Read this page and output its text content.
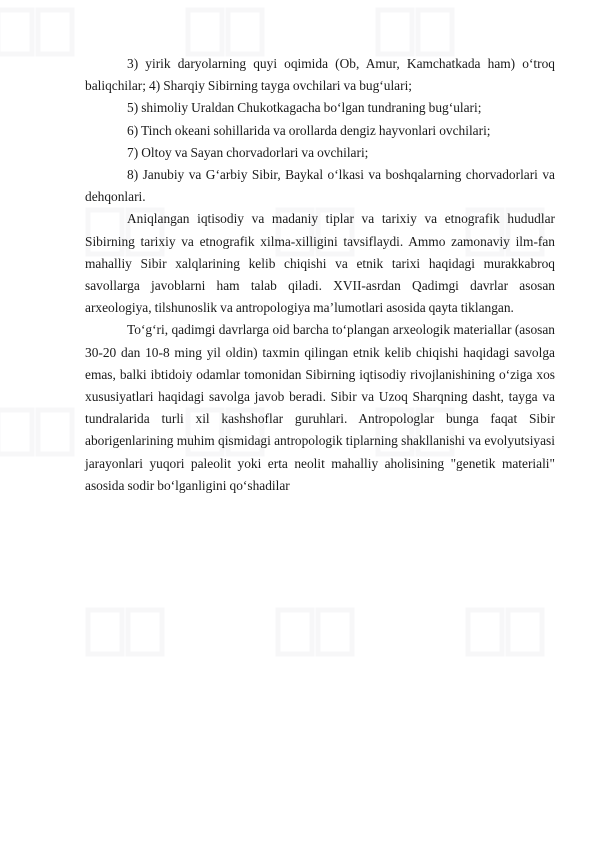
3) yirik daryolarning quyi oqimida (Ob, Amur, Kamchatkada ham) o‘troq baliqchilar; 4) Sharqiy Sibirning tayga ovchilari va bug‘ulari;

5) shimoliy Uraldan Chukotkagacha bo‘lgan tundraning bug‘ulari;

6) Tinch okeani sohillarida va orollarda dengiz hayvonlari ovchilari;

7) Oltoy va Sayan chorvadorlari va ovchilari;

8) Janubiy va G‘arbiy Sibir, Baykal o‘lkasi va boshqalarning chorvadorlari va dehqonlari.

Aniqlangan iqtisodiy va madaniy tiplar va tarixiy va etnografik hududlar Sibirning tarixiy va etnografik xilma-xilligini tavsiflaydi. Ammo zamonaviy ilm-fan mahalliy Sibir xalqlarining kelib chiqishi va etnik tarixi haqidagi murakkabroq savollarga javoblarni ham talab qiladi. XVII-asrdan Qadimgi davrlar asosan arxeologiya, tilshunoslik va antropologiya ma’lumotlari asosida qayta tiklangan.

To‘g‘ri, qadimgi davrlarga oid barcha to‘plangan arxeologik materiallar (asosan 30-20 dan 10-8 ming yil oldin) taxmin qilingan etnik kelib chiqishi haqidagi savolga emas, balki ibtidoiy odamlar tomonidan Sibirning iqtisodiy rivojlanishining o‘ziga xos xususiyatlari haqidagi savolga javob beradi. Sibir va Uzoq Sharqning dasht, tayga va tundralarida turli xil kashshoflar guruhlari. Antropologlar bunga faqat Sibir aborigenlarining muhim qismidagi antropologik tiplarning shakllanishi va evolyutsiyasi jarayonlari yuqori paleolit yoki erta neolit mahalliy aholisining "genetik materiali" asosida sodir bo‘lganligini qo‘shadilar
